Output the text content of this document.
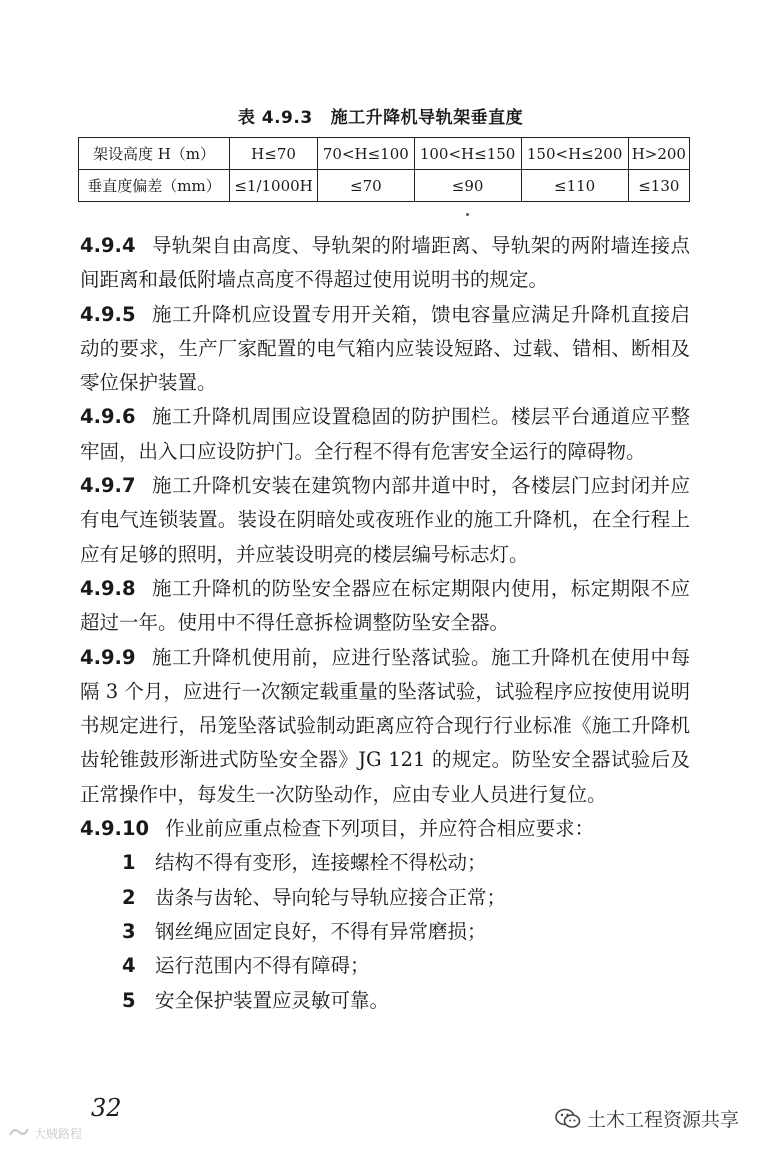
表 4.9.3 施工升降机导轨架垂直度
架设高度 H（m）	H≤70	70<H≤100	100<H≤150	150<H≤200	H>200
垂直度偏差（mm）	≤1/1000H	≤70	≤90	≤110	≤130

4.9.4 导轨架自由高度、导轨架的附墙距离、导轨架的两附墙连接点间距离和最低附墙点高度不得超过使用说明书的规定。

4.9.5 施工升降机应设置专用开关箱，馈电容量应满足升降机直接启动的要求，生产厂家配置的电气箱内应装设短路、过载、错相、断相及零位保护装置。

4.9.6 施工升降机周围应设置稳固的防护围栏。楼层平台通道应平整牢固，出入口应设防护门。全行程不得有危害安全运行的障碍物。

4.9.7 施工升降机安装在建筑物内部井道中时，各楼层门应封闭并应有电气连锁装置。装设在阴暗处或夜班作业的施工升降机，在全行程上应有足够的照明，并应装设明亮的楼层编号标志灯。

4.9.8 施工升降机的防坠安全器应在标定期限内使用，标定期限不应超过一年。使用中不得任意拆检调整防坠安全器。

4.9.9 施工升降机使用前，应进行坠落试验。施工升降机在使用中每隔 3 个月，应进行一次额定载重量的坠落试验，试验程序应按使用说明书规定进行，吊笼坠落试验制动距离应符合现行行业标准《施工升降机齿轮锥鼓形渐进式防坠安全器》JG 121 的规定。防坠安全器试验后及正常操作中，每发生一次防坠动作，应由专业人员进行复位。

4.9.10 作业前应重点检查下列项目，并应符合相应要求：

1 结构不得有变形，连接螺栓不得松动；

2 齿条与齿轮、导向轮与导轨应接合正常；

3 钢丝绳应固定良好，不得有异常磨损；

4 运行范围内不得有障碍；

5 安全保护装置应灵敏可靠。

32
大贼路程
土木工程资源共享
